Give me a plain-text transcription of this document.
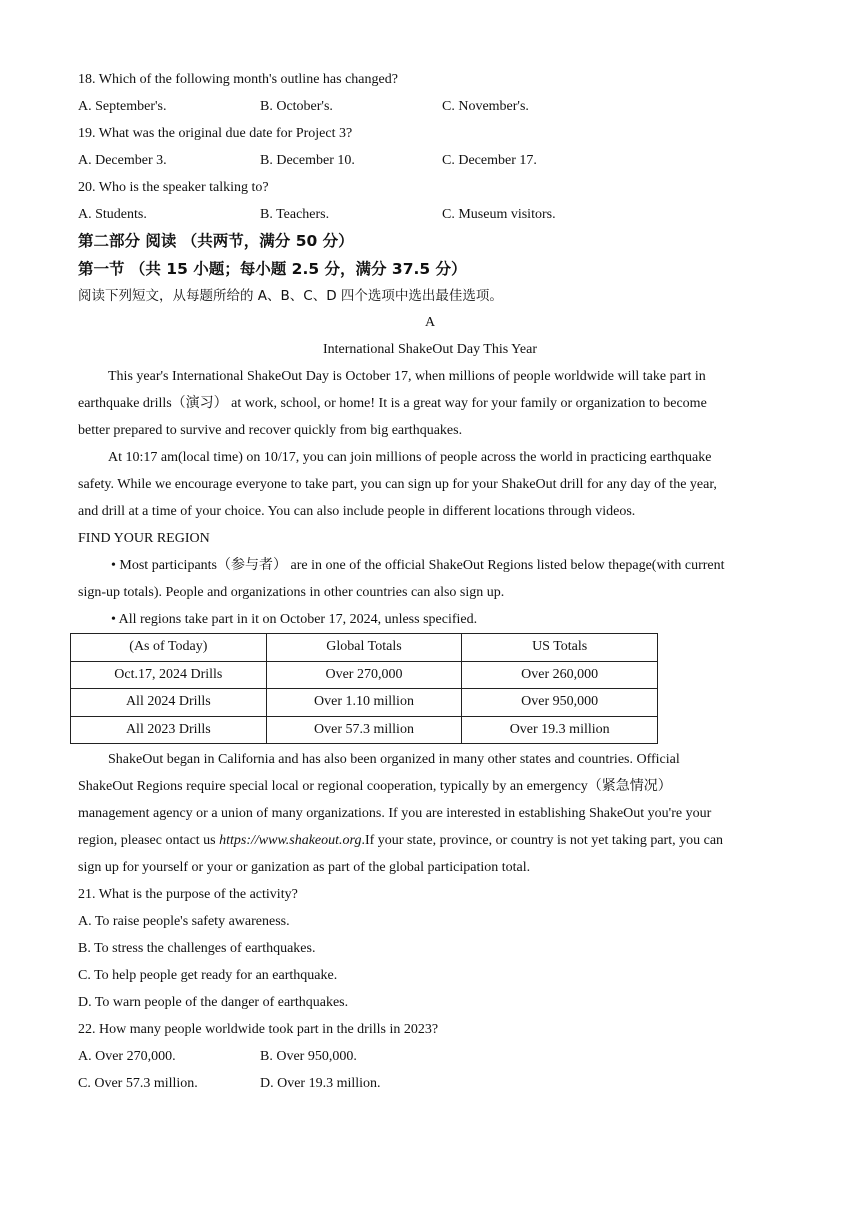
18. Which of the following month's outline has changed?
A. September's.	B. October's.	C. November's.
19. What was the original due date for Project 3?
A. December 3.	B. December 10.	C. December 17.
20. Who is the speaker talking to?
A. Students.	B. Teachers.	C. Museum visitors.
第二部分 阅读 （共两节，满分 50 分）
第一节 （共 15 小题；每小题 2.5 分，满分 37.5 分）
阅读下列短文，从每题所给的 A、B、C、D 四个选项中选出最佳选项。
A
International ShakeOut Day This Year
This year's International ShakeOut Day is October 17, when millions of people worldwide will take part in
earthquake drills（演习） at work, school, or home! It is a great way for your family or organization to become
better prepared to survive and recover quickly from big earthquakes.
At 10:17 am(local time) on 10/17, you can join millions of people across the world in practicing earthquake
safety. While we encourage everyone to take part, you can sign up for your ShakeOut drill for any day of the year,
and drill at a time of your choice. You can also include people in different locations through videos.
FIND YOUR REGION
• Most participants（参与者） are in one of the official ShakeOut Regions listed below thepage(with current
sign-up totals). People and organizations in other countries can also sign up.
• All regions take part in it on October 17, 2024, unless specified.
(As of Today)	Global Totals	US Totals
Oct.17, 2024 Drills	Over 270,000	Over 260,000
All 2024 Drills	Over 1.10 million	Over 950,000
All 2023 Drills	Over 57.3 million	Over 19.3 million
ShakeOut began in California and has also been organized in many other states and countries. Official
ShakeOut Regions require special local or regional cooperation, typically by an emergency（紧急情况）
management agency or a union of many organizations. If you are interested in establishing ShakeOut you're your
region, pleasec ontact us https://www.shakeout.org.If your state, province, or country is not yet taking part, you can
sign up for yourself or your or ganization as part of the global participation total.
21. What is the purpose of the activity?
A. To raise people's safety awareness.
B. To stress the challenges of earthquakes.
C. To help people get ready for an earthquake.
D. To warn people of the danger of earthquakes.
22. How many people worldwide took part in the drills in 2023?
A. Over 270,000.	B. Over 950,000.
C. Over 57.3 million.	D. Over 19.3 million.
